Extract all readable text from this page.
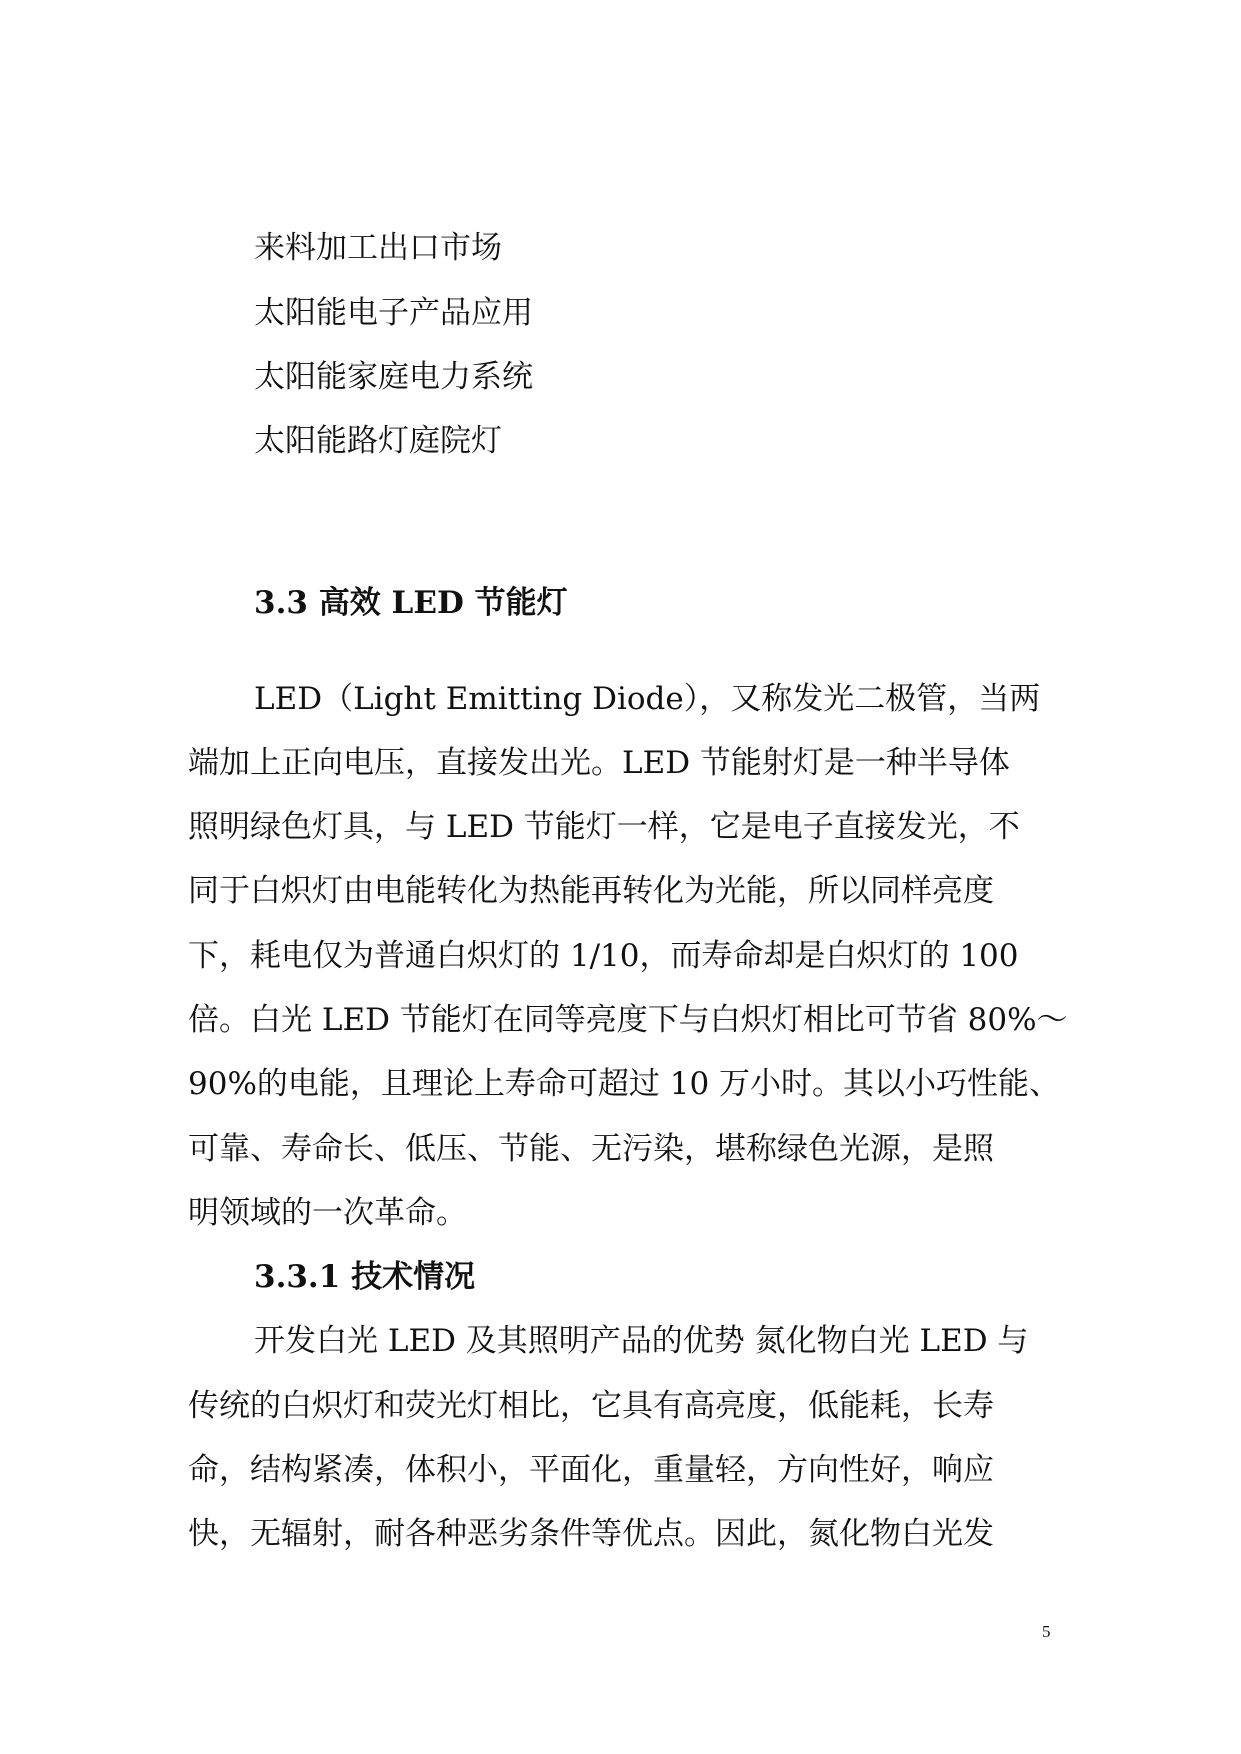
来料加工出口市场
太阳能电子产品应用
太阳能家庭电力系统
太阳能路灯庭院灯
3.3 高效 LED 节能灯
LED（Light Emitting Diode），又称发光二极管，当两
端加上正向电压，直接发出光。LED 节能射灯是一种半导体
照明绿色灯具，与 LED 节能灯一样，它是电子直接发光，不
同于白炽灯由电能转化为热能再转化为光能，所以同样亮度
下，耗电仅为普通白炽灯的 1/10，而寿命却是白炽灯的 100
倍。白光 LED 节能灯在同等亮度下与白炽灯相比可节省 80%～
90%的电能，且理论上寿命可超过 10 万小时。其以小巧性能、
可靠、寿命长、低压、节能、无污染，堪称绿色光源，是照
明领域的一次革命。
3.3.1 技术情况
开发白光 LED 及其照明产品的优势 氮化物白光 LED 与
传统的白炽灯和荧光灯相比，它具有高亮度，低能耗，长寿
命，结构紧凑，体积小，平面化，重量轻，方向性好，响应
快，无辐射，耐各种恶劣条件等优点。因此，氮化物白光发
5
